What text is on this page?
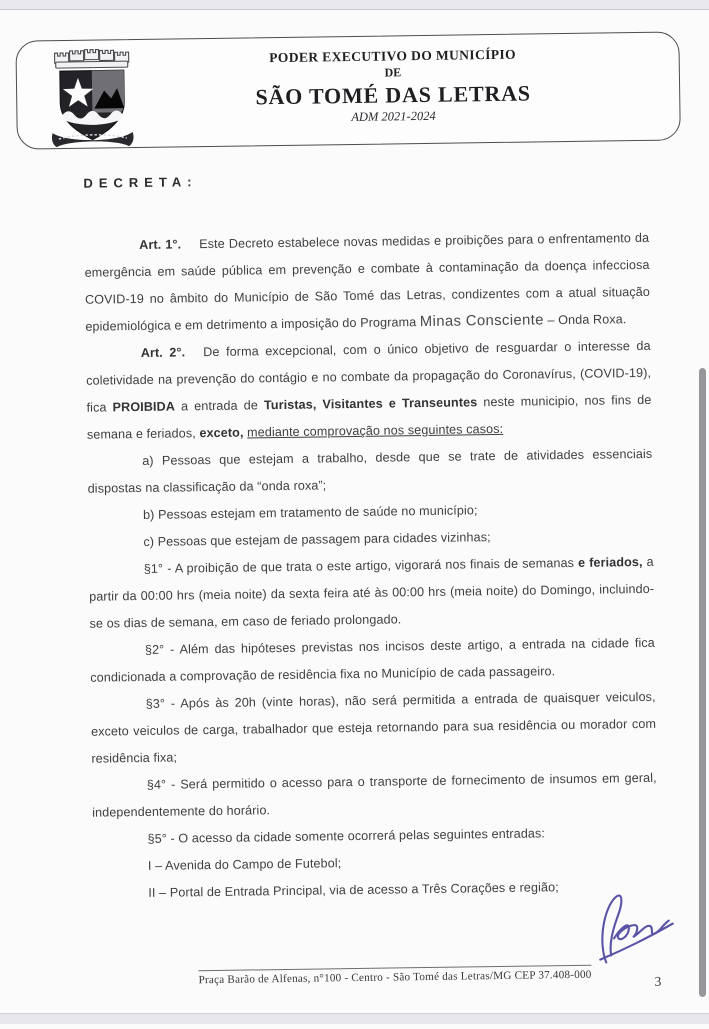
PODER EXECUTIVO DO MUNICÍPIO
DE
SÃO TOMÉ DAS LETRAS
ADM 2021-2024
DECRETA:

Art. 1°. Este Decreto estabelece novas medidas e proibições para o enfrentamento da emergência em saúde pública em prevenção e combate à contaminação da doença infecciosa COVID-19 no âmbito do Município de São Tomé das Letras, condizentes com a atual situação epidemiológica e em detrimento a imposição do Programa Minas Consciente – Onda Roxa.

Art. 2°. De forma excepcional, com o único objetivo de resguardar o interesse da coletividade na prevenção do contágio e no combate da propagação do Coronavírus, (COVID-19), fica PROIBIDA a entrada de Turistas, Visitantes e Transeuntes neste municipio, nos fins de semana e feriados, exceto, mediante comprovação nos seguintes casos:

a) Pessoas que estejam a trabalho, desde que se trate de atividades essenciais dispostas na classificação da “onda roxa”;

b) Pessoas estejam em tratamento de saúde no município;

c) Pessoas que estejam de passagem para cidades vizinhas;

§1° - A proibição de que trata o este artigo, vigorará nos finais de semanas e feriados, a partir da 00:00 hrs (meia noite) da sexta feira até às 00:00 hrs (meia noite) do Domingo, incluindo-se os dias de semana, em caso de feriado prolongado.

§2° - Além das hipóteses previstas nos incisos deste artigo, a entrada na cidade fica condicionada a comprovação de residência fixa no Município de cada passageiro.

§3° - Após às 20h (vinte horas), não será permitida a entrada de quaisquer veiculos, exceto veiculos de carga, trabalhador que esteja retornando para sua residência ou morador com residência fixa;

§4° - Será permitido o acesso para o transporte de fornecimento de insumos em geral, independentemente do horário.

§5° - O acesso da cidade somente ocorrerá pelas seguintes entradas:

I – Avenida do Campo de Futebol;

II – Portal de Entrada Principal, via de acesso a Três Corações e região;

Praça Barão de Alfenas, n°100 - Centro - São Tomé das Letras/MG CEP 37.408-000	3
